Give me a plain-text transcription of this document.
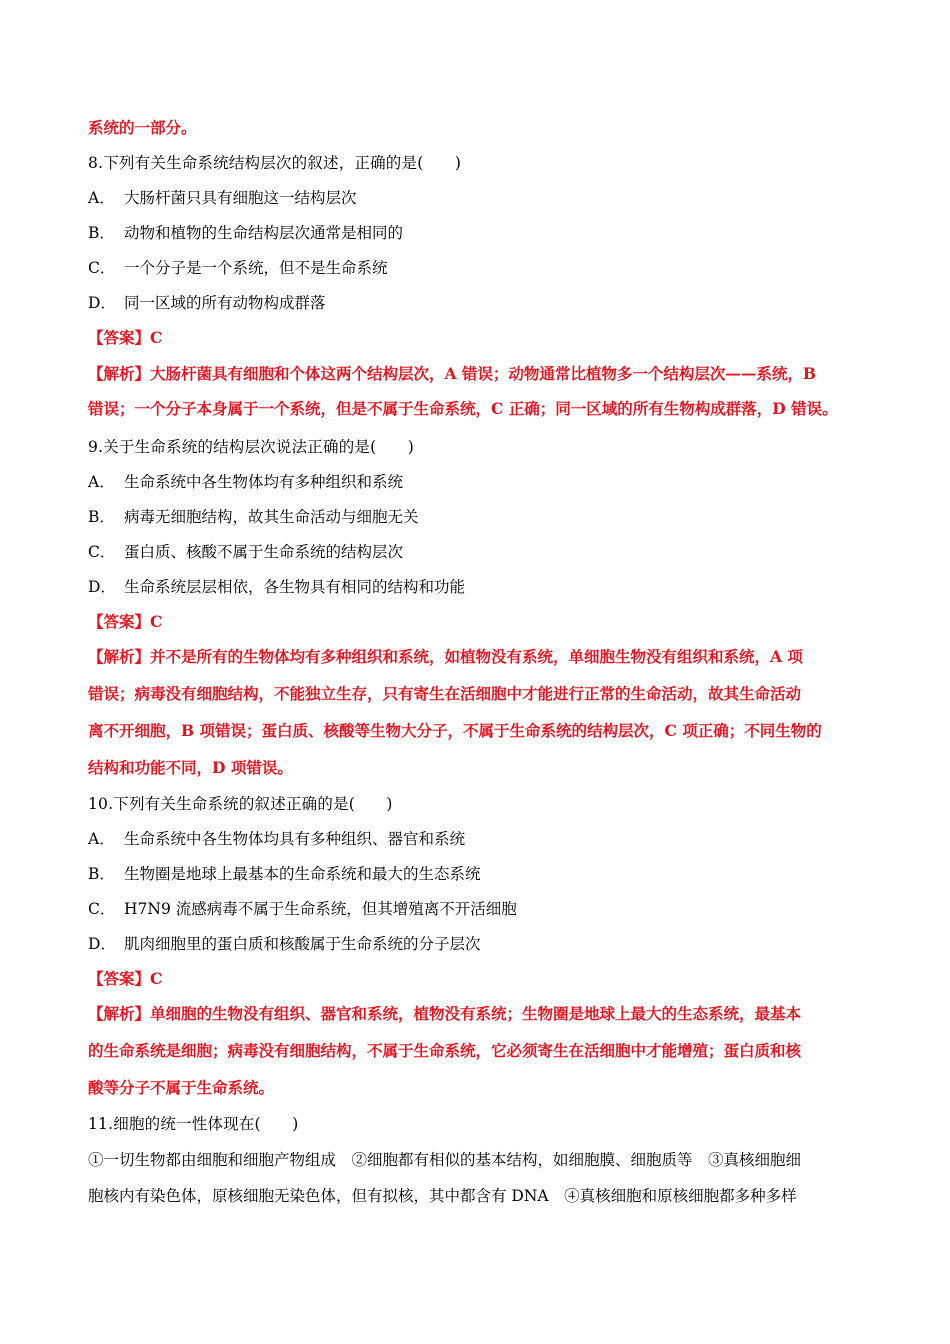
系统的一部分。
8.下列有关生命系统结构层次的叙述，正确的是(　　)
A． 大肠杆菌只具有细胞这一结构层次
B． 动物和植物的生命结构层次通常是相同的
C． 一个分子是一个系统，但不是生命系统
D． 同一区域的所有动物构成群落
【答案】C
【解析】大肠杆菌具有细胞和个体这两个结构层次，A 错误；动物通常比植物多一个结构层次——系统，B
错误；一个分子本身属于一个系统，但是不属于生命系统，C 正确；同一区域的所有生物构成群落，D 错误。
9.关于生命系统的结构层次说法正确的是(　　)
A． 生命系统中各生物体均有多种组织和系统
B． 病毒无细胞结构，故其生命活动与细胞无关
C． 蛋白质、核酸不属于生命系统的结构层次
D． 生命系统层层相依，各生物具有相同的结构和功能
【答案】C
【解析】并不是所有的生物体均有多种组织和系统，如植物没有系统，单细胞生物没有组织和系统，A 项
错误；病毒没有细胞结构，不能独立生存，只有寄生在活细胞中才能进行正常的生命活动，故其生命活动
离不开细胞，B 项错误；蛋白质、核酸等生物大分子，不属于生命系统的结构层次，C 项正确；不同生物的
结构和功能不同，D 项错误。
10.下列有关生命系统的叙述正确的是(　　)
A． 生命系统中各生物体均具有多种组织、器官和系统
B． 生物圈是地球上最基本的生命系统和最大的生态系统
C． H7N9 流感病毒不属于生命系统，但其增殖离不开活细胞
D． 肌肉细胞里的蛋白质和核酸属于生命系统的分子层次
【答案】C
【解析】单细胞的生物没有组织、器官和系统，植物没有系统；生物圈是地球上最大的生态系统，最基本
的生命系统是细胞；病毒没有细胞结构，不属于生命系统，它必须寄生在活细胞中才能增殖；蛋白质和核
酸等分子不属于生命系统。
11.细胞的统一性体现在(　　)
①一切生物都由细胞和细胞产物组成　②细胞都有相似的基本结构，如细胞膜、细胞质等　③真核细胞细
胞核内有染色体，原核细胞无染色体，但有拟核，其中都含有 DNA　④真核细胞和原核细胞都多种多样
